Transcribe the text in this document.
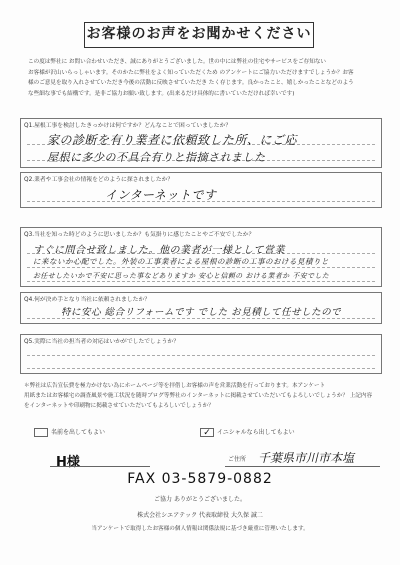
お客様のお声をお聞かせください

この度は弊社に お問い合わせいただき、誠にありがとうございました。世の中には弊社の住宅やサービスをご存知ない

お客様が沢山いらっしゃいます。そのかたに弊社をよく知っていただくため のアンケートにご協力いただけますでしょうか？お客

様のご意見を取り入れさせていただき今後の活動に反映させていただき たく存じます。良かったこと、嬉しかったことなどのよう

な些細な事でも結構です。是非ご協力お願い致します。(出来るだけ具体的に書いていただければ幸いです)

Q1.屋根工事を検討したきっかけは何ですか？どんなことで困っていましたか？
家の診断を有り業者に依頼致した所、にご応
屋根に多少の不具合有りと指摘されました
Q2.業者や工事会社の情報をどのように探されましたか？
インターネットです
Q3.当社を知った時どのように思いましたか？も気掛りに感じたことやご不安でしたか？
すぐに問合せ致しました。他の業者が一様として営業
に来ないか心配でした。外装の工事業者による屋根の診断の工事のおける見積りと
お任せしたいかで不安に思った事などありますか 安心と信頼の おける業者か 不安でした
Q4.何が決め手となり当社に依頼されましたか？
特に安心 総合リフォームです でした お見積して任せしたので
Q5.実際に当社の担当者の対応はいかがでしたでしょうか？
＊弊社は広告宣伝費を極力かけない為にホームページ等を拝借しお客様の声を営業活動を行っております。本アンケート
用紙またはお客様宅の調査風景や施工状況を随時ブログ等弊社のインターネットに掲載させていただいてもよろしいでしょうか？ 上記内容
をインターネットや印刷物に掲載させていただいてもよろしいでしょうか？
名前を出してもよい	✓ イニシャルなら出してもよい
H様	ご住所 千葉県市川市本塩
FAX 03-5879-0882
ご協力 ありがとうございました。
株式会社シエアテック 代表取締役 大久保 誠二
当アンケートで取得したお客様の個人情報は関係法規に基づき厳重に管理いたします。
